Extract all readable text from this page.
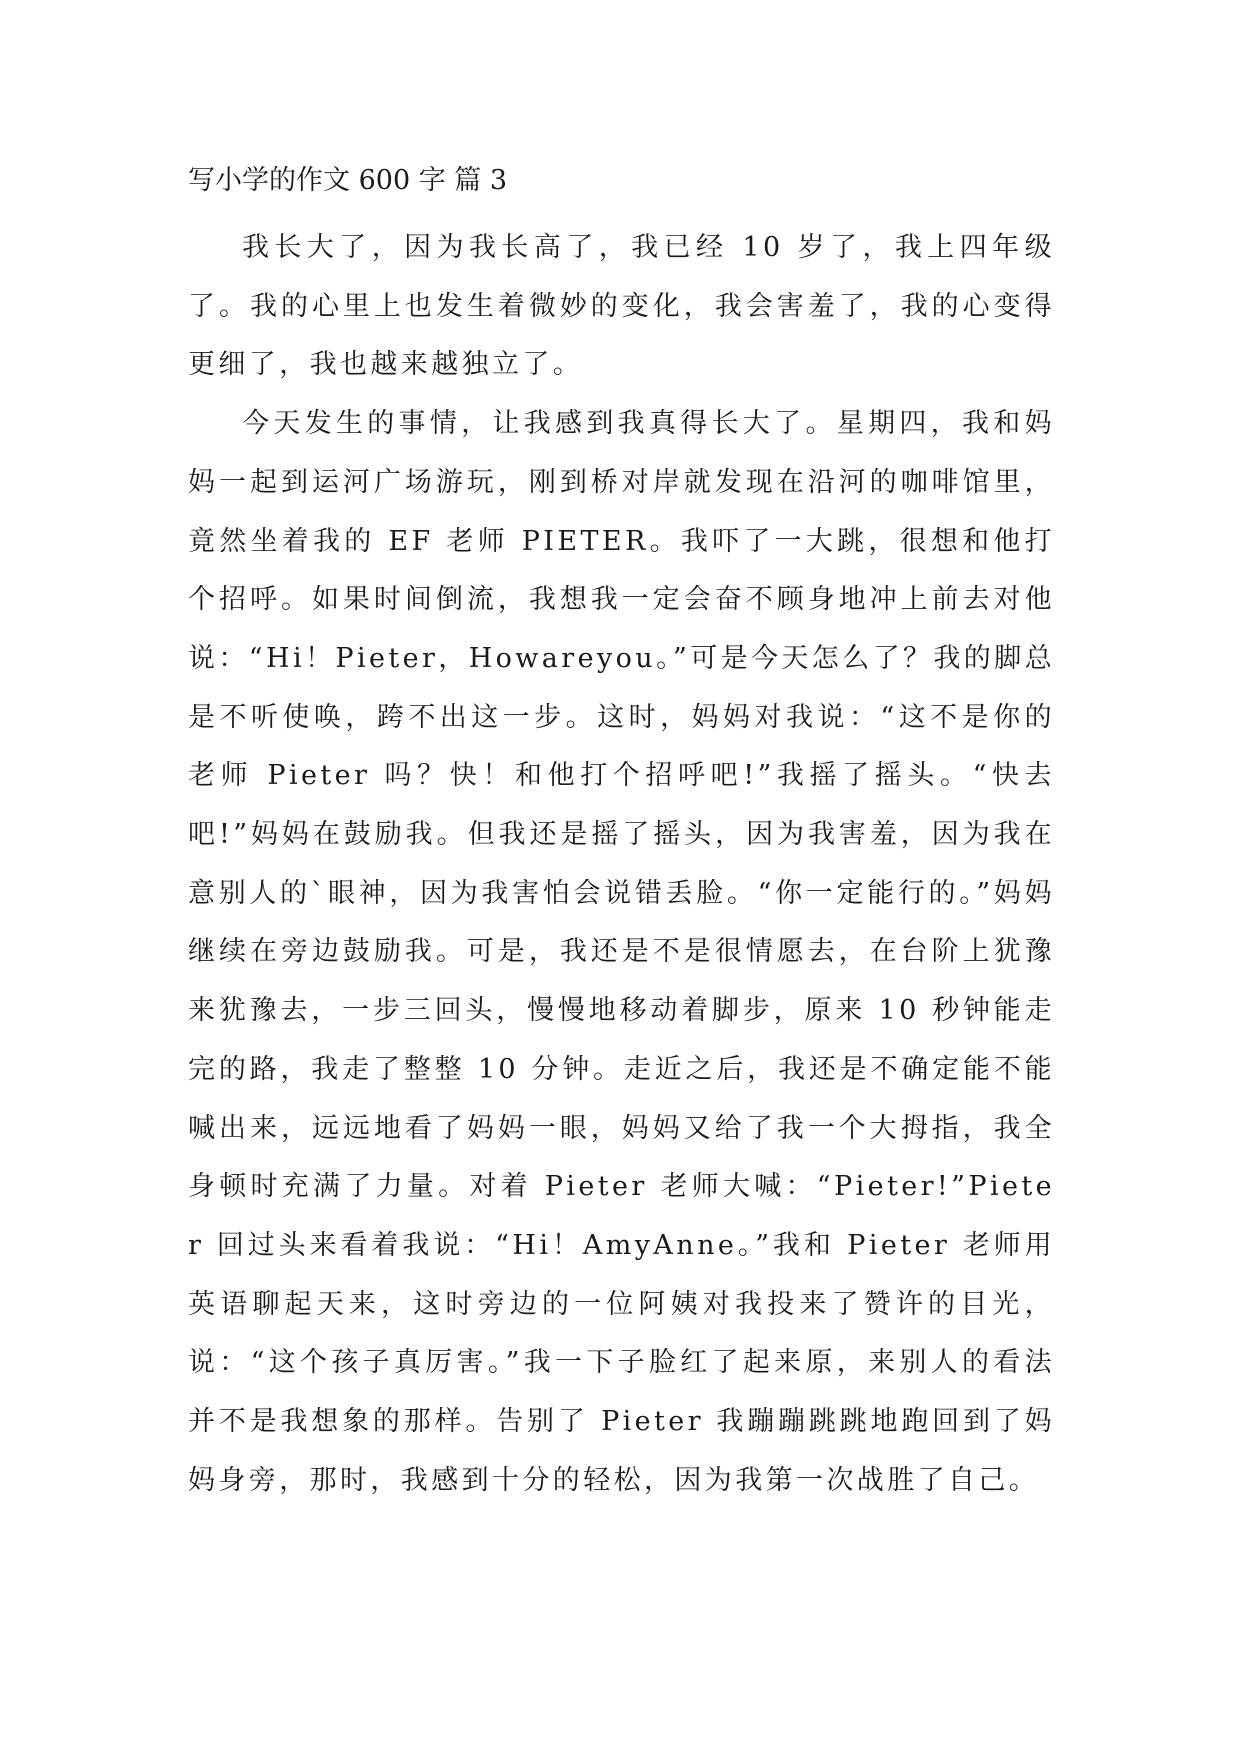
写小学的作文 600 字 篇 3

我长大了，因为我长高了，我已经 10 岁了，我上四年级了。我的心里上也发生着微妙的变化，我会害羞了，我的心变得更细了，我也越来越独立了。

今天发生的事情，让我感到我真得长大了。星期四，我和妈妈一起到运河广场游玩，刚到桥对岸就发现在沿河的咖啡馆里，竟然坐着我的 EF 老师 PIETER。我吓了一大跳，很想和他打个招呼。如果时间倒流，我想我一定会奋不顾身地冲上前去对他说：“Hi！Pieter，Howareyou。”可是今天怎么了？我的脚总是不听使唤，跨不出这一步。这时，妈妈对我说：“这不是你的老师 Pieter 吗？快！和他打个招呼吧!”我摇了摇头。“快去吧!”妈妈在鼓励我。但我还是摇了摇头，因为我害羞，因为我在意别人的`眼神，因为我害怕会说错丢脸。“你一定能行的。”妈妈继续在旁边鼓励我。可是，我还是不是很情愿去，在台阶上犹豫来犹豫去，一步三回头，慢慢地移动着脚步，原来 10 秒钟能走完的路，我走了整整 10 分钟。走近之后，我还是不确定能不能喊出来，远远地看了妈妈一眼，妈妈又给了我一个大拇指，我全身顿时充满了力量。对着 Pieter 老师大喊：“Pieter!”Pieter 回过头来看着我说：“Hi！AmyAnne。”我和 Pieter 老师用英语聊起天来，这时旁边的一位阿姨对我投来了赞许的目光，说：“这个孩子真厉害。”我一下子脸红了起来原，来别人的看法并不是我想象的那样。告别了 Pieter 我蹦蹦跳跳地跑回到了妈妈身旁，那时，我感到十分的轻松，因为我第一次战胜了自己。
